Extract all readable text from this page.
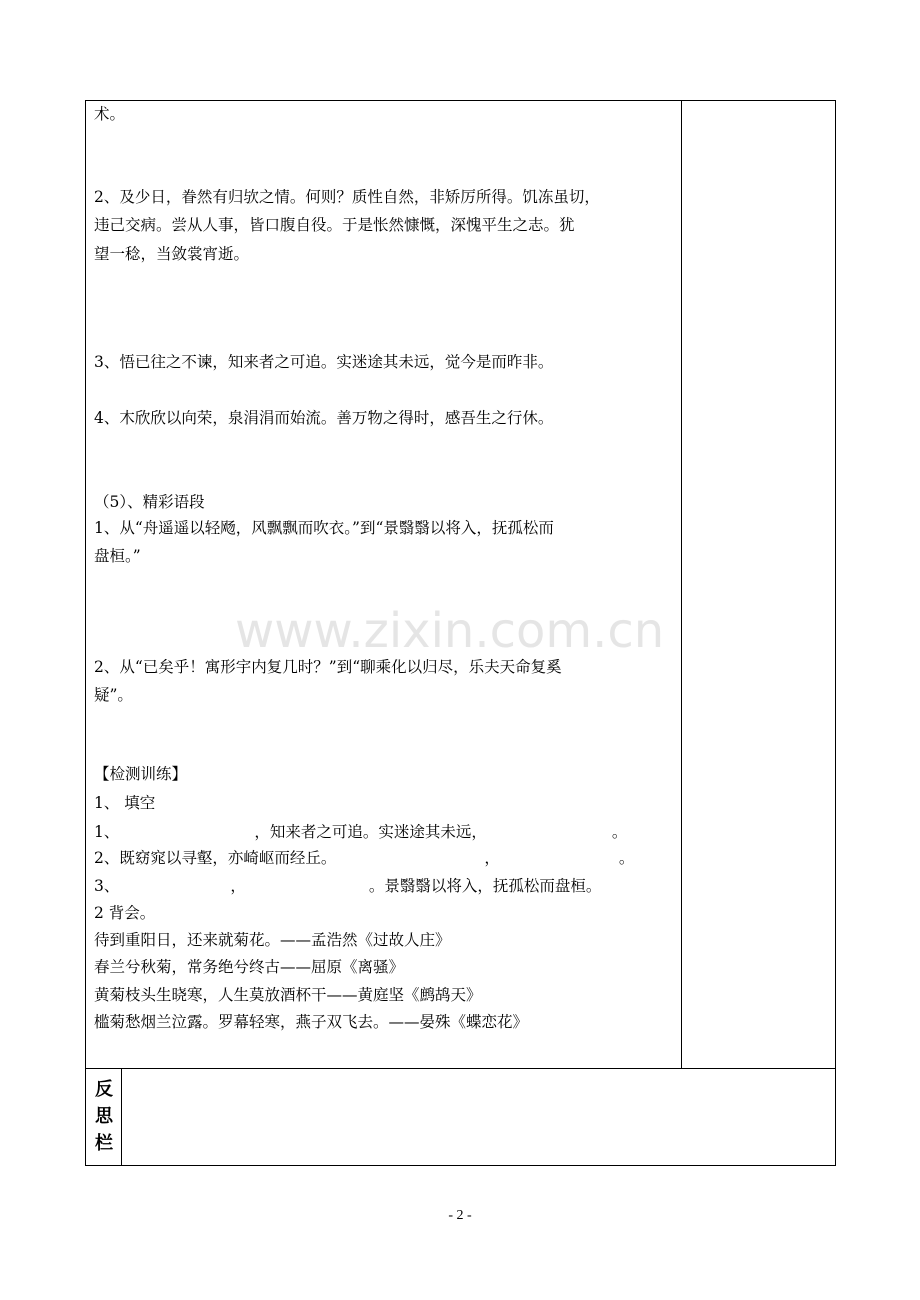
术。
2、及少日，眷然有归欤之情。何则？质性自然，非矫厉所得。饥冻虽切，
违己交病。尝从人事，皆口腹自役。于是怅然慷慨，深愧平生之志。犹
望一稔，当敛裳宵逝。
3、悟已往之不谏，知来者之可追。实迷途其未远，觉今是而昨非。
4、木欣欣以向荣，泉涓涓而始流。善万物之得时，感吾生之行休。
（5）、精彩语段
1、从“舟遥遥以轻飏，风飘飘而吹衣。”到“景翳翳以将入，抚孤松而
盘桓。”
2、从“已矣乎！寓形宇内复几时？”到“聊乘化以归尽，乐夫天命复奚
疑”。
【检测训练】
1、 填空
1、	，知来者之可追。实迷途其未远，	。
2、既窈窕以寻壑，亦崎岖而经丘。	，	。
3、	，	。景翳翳以将入，抚孤松而盘桓。
2 背会。
待到重阳日，还来就菊花。——孟浩然《过故人庄》
春兰兮秋菊，常务绝兮终古——屈原《离骚》
黄菊枝头生晓寒，人生莫放酒杯干——黄庭坚《鹧鸪天》
槛菊愁烟兰泣露。罗幕轻寒，燕子双飞去。——晏殊《蝶恋花》
反
思
栏
www.zixin.com.cn
- 2 -
